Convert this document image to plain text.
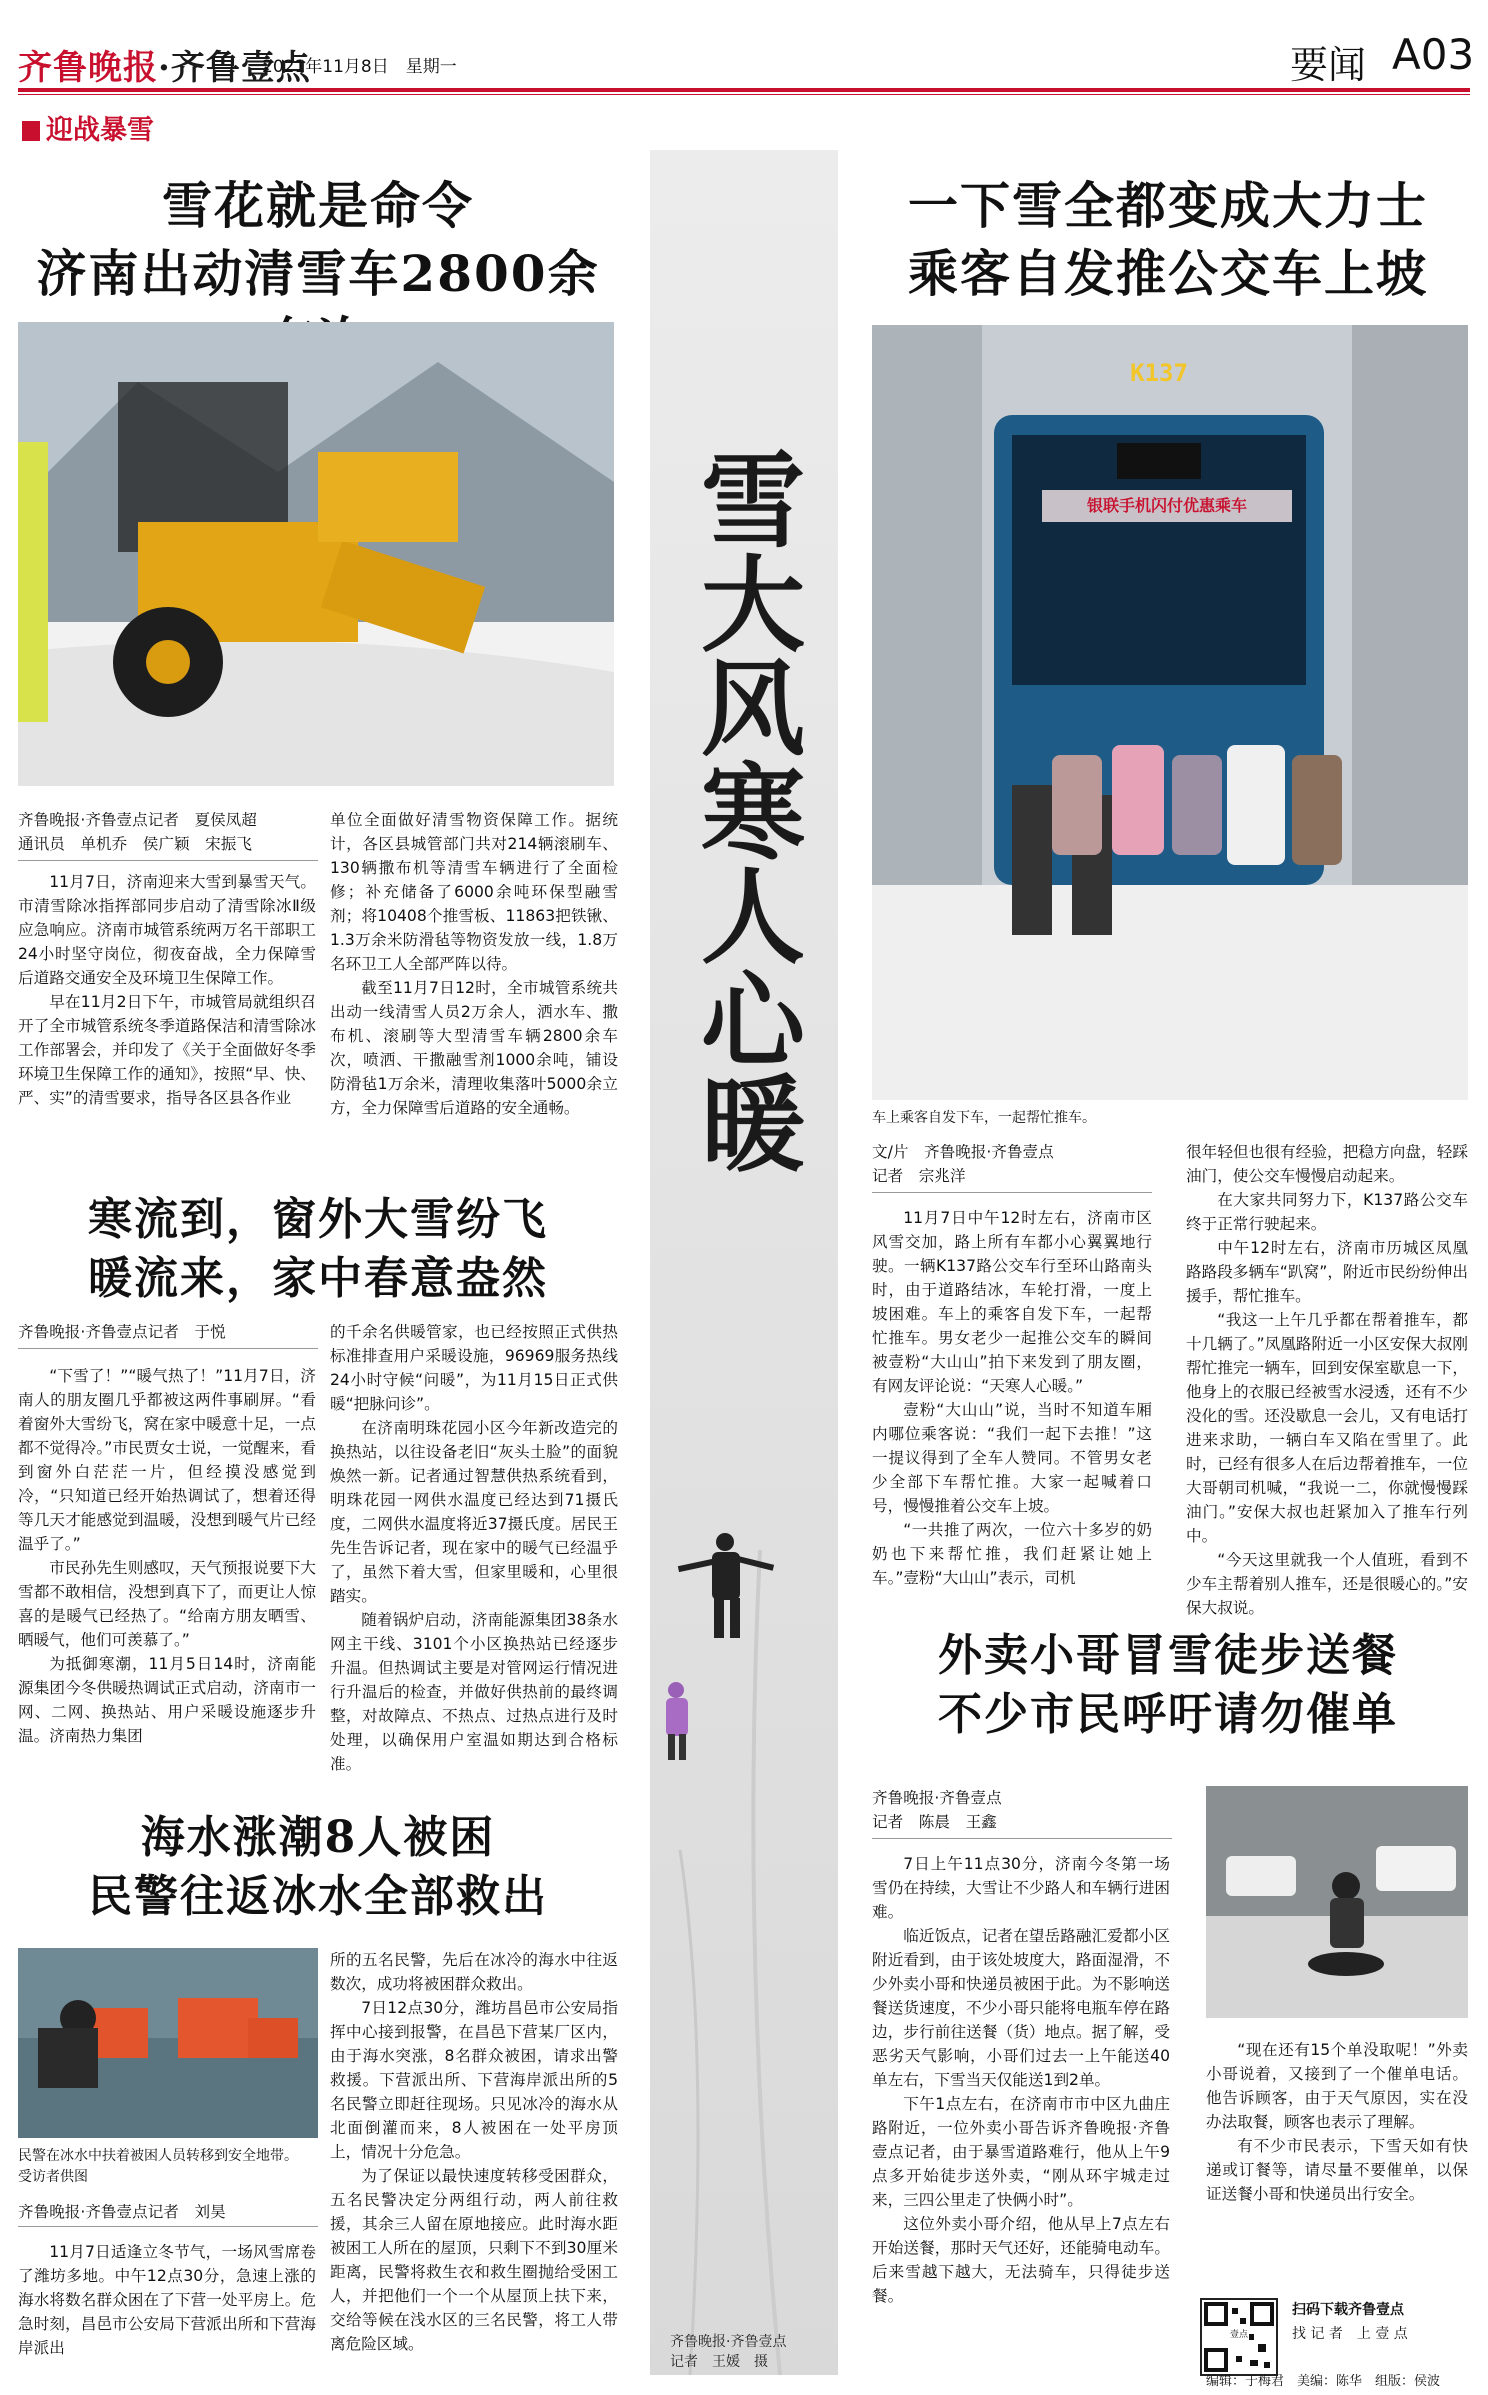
齐鲁晚报·齐鲁壹点
2021年11月8日　星期一	要闻 A03
迎战暴雪
雪大风寒人心暖
齐鲁晚报·齐鲁壹点
记者　王媛　摄
雪花就是命令
济南出动清雪车2800余
齐鲁晚报·齐鲁壹点记者　夏侯凤超
通讯员　单机乔　侯广颖　宋振飞

11月7日，济南迎来大雪到暴雪天气。市清雪除冰指挥部同步启动了清雪除冰Ⅱ级应急响应。济南市城管系统两万名干部职工24小时坚守岗位，彻夜奋战，全力保障雪后道路交通安全及环境卫生保障工作。

早在11月2日下午，市城管局就组织召开了全市城管系统冬季道路保洁和清雪除冰工作部署会，并印发了《关于全面做好冬季环境卫生保障工作的通知》，按照“早、快、严、实”的清雪要求，指导各区县各作业

单位全面做好清雪物资保障工作。据统计，各区县城管部门共对214辆滚刷车、130辆撒布机等清雪车辆进行了全面检修；补充储备了6000余吨环保型融雪剂；将10408个推雪板、11863把铁锹、1.3万余米防滑毡等物资发放一线，1.8万名环卫工人全部严阵以待。

截至11月7日12时，全市城管系统共出动一线清雪人员2万余人，洒水车、撒布机、滚刷等大型清雪车辆2800余车次，喷洒、干撒融雪剂1000余吨，铺设防滑毡1万余米，清理收集落叶5000余立方，全力保障雪后道路的安全通畅。

寒流到，窗外大雪纷飞
暖流来，家中春意盎然
齐鲁晚报·齐鲁壹点记者　于悦

“下雪了！”“暖气热了！”11月7日，济南人的朋友圈几乎都被这两件事刷屏。“看着窗外大雪纷飞，窝在家中暖意十足，一点都不觉得冷。”市民贾女士说，一觉醒来，看到窗外白茫茫一片，但经摸没感觉到冷，“只知道已经开始热调试了，想着还得等几天才能感觉到温暖，没想到暖气片已经温乎了。”

市民孙先生则感叹，天气预报说要下大雪都不敢相信，没想到真下了，而更让人惊喜的是暖气已经热了。“给南方朋友晒雪、晒暖气，他们可羡慕了。”

为抵御寒潮，11月5日14时，济南能源集团今冬供暖热调试正式启动，济南市一网、二网、换热站、用户采暖设施逐步升温。济南热力集团

的千余名供暖管家，也已经按照正式供热标准排查用户采暖设施，96969服务热线24小时守候“问暖”，为11月15日正式供暖“把脉问诊”。

在济南明珠花园小区今年新改造完的换热站，以往设备老旧“灰头土脸”的面貌焕然一新。记者通过智慧供热系统看到，明珠花园一网供水温度已经达到71摄氏度，二网供水温度将近37摄氏度。居民王先生告诉记者，现在家中的暖气已经温乎了，虽然下着大雪，但家里暖和，心里很踏实。

随着锅炉启动，济南能源集团38条水网主干线、3101个小区换热站已经逐步升温。但热调试主要是对管网运行情况进行升温后的检查，并做好供热前的最终调整，对故障点、不热点、过热点进行及时处理，以确保用户室温如期达到合格标准。

海水涨潮8人被困
民警往返冰水全部救出
民警在冰水中扶着被困人员转移到安全地带。　受访者供图
齐鲁晚报·齐鲁壹点记者　刘昊

11月7日适逢立冬节气，一场风雪席卷了潍坊多地。中午12点30分，急速上涨的海水将数名群众困在了下营一处平房上。危急时刻，昌邑市公安局下营派出所和下营海岸派出

所的五名民警，先后在冰冷的海水中往返数次，成功将被困群众救出。

7日12点30分，潍坊昌邑市公安局指挥中心接到报警，在昌邑下营某厂区内，由于海水突涨，8名群众被困，请求出警救援。下营派出所、下营海岸派出所的5名民警立即赶往现场。只见冰冷的海水从北面倒灌而来，8人被困在一处平房顶上，情况十分危急。

为了保证以最快速度转移受困群众，五名民警决定分两组行动，两人前往救援，其余三人留在原地接应。此时海水距被困工人所在的屋顶，只剩下不到30厘米距离，民警将救生衣和救生圈抛给受困工人，并把他们一个一个从屋顶上扶下来，交给等候在浅水区的三名民警，将工人带离危险区域。

一下雪全都变成大力士
乘客自发推公交车上坡
K137
银联手机闪付优惠乘车
车上乘客自发下车，一起帮忙推车。
文/片　齐鲁晚报·齐鲁壹点
记者　宗兆洋

11月7日中午12时左右，济南市区风雪交加，路上所有车都小心翼翼地行驶。一辆K137路公交车行至环山路南头时，由于道路结冰，车轮打滑，一度上坡困难。车上的乘客自发下车，一起帮忙推车。男女老少一起推公交车的瞬间被壹粉“大山山”拍下来发到了朋友圈，有网友评论说：“天寒人心暖。”

壹粉“大山山”说，当时不知道车厢内哪位乘客说：“我们一起下去推！”这一提议得到了全车人赞同。不管男女老少全部下车帮忙推。大家一起喊着口号，慢慢推着公交车上坡。

“一共推了两次，一位六十多岁的奶奶也下来帮忙推，我们赶紧让她上车。”壹粉“大山山”表示，司机

很年轻但也很有经验，把稳方向盘，轻踩油门，使公交车慢慢启动起来。

在大家共同努力下，K137路公交车终于正常行驶起来。

中午12时左右，济南市历城区凤凰路路段多辆车“趴窝”，附近市民纷纷伸出援手，帮忙推车。

“我这一上午几乎都在帮着推车，都十几辆了。”凤凰路附近一小区安保大叔刚帮忙推完一辆车，回到安保室歇息一下，他身上的衣服已经被雪水浸透，还有不少没化的雪。还没歇息一会儿，又有电话打进来求助，一辆白车又陷在雪里了。此时，已经有很多人在后边帮着推车，一位大哥朝司机喊，“我说一二，你就慢慢踩油门。”安保大叔也赶紧加入了推车行列中。

“今天这里就我一个人值班，看到不少车主帮着别人推车，还是很暖心的。”安保大叔说。

外卖小哥冒雪徒步送餐
不少市民呼吁请勿催单
齐鲁晚报·齐鲁壹点
记者　陈晨　王鑫

7日上午11点30分，济南今冬第一场雪仍在持续，大雪让不少路人和车辆行进困难。

临近饭点，记者在望岳路融汇爱都小区附近看到，由于该处坡度大，路面湿滑，不少外卖小哥和快递员被困于此。为不影响送餐送货速度，不少小哥只能将电瓶车停在路边，步行前往送餐（货）地点。据了解，受恶劣天气影响，小哥们过去一上午能送40单左右，下雪当天仅能送1到2单。

下午1点左右，在济南市市中区九曲庄路附近，一位外卖小哥告诉齐鲁晚报·齐鲁壹点记者，由于暴雪道路难行，他从上午9点多开始徒步送外卖，“刚从环宇城走过来，三四公里走了快俩小时”。

这位外卖小哥介绍，他从早上7点左右开始送餐，那时天气还好，还能骑电动车。后来雪越下越大，无法骑车，只得徒步送餐。

“现在还有15个单没取呢！”外卖小哥说着，又接到了一个催单电话。他告诉顾客，由于天气原因，实在没办法取餐，顾客也表示了理解。

有不少市民表示，下雪天如有快递或订餐等，请尽量不要催单，以保证送餐小哥和快递员出行安全。

壹点
扫码下载齐鲁壹点
找 记 者　上 壹 点
编辑：于梅君　美编：陈华　组版：侯波
